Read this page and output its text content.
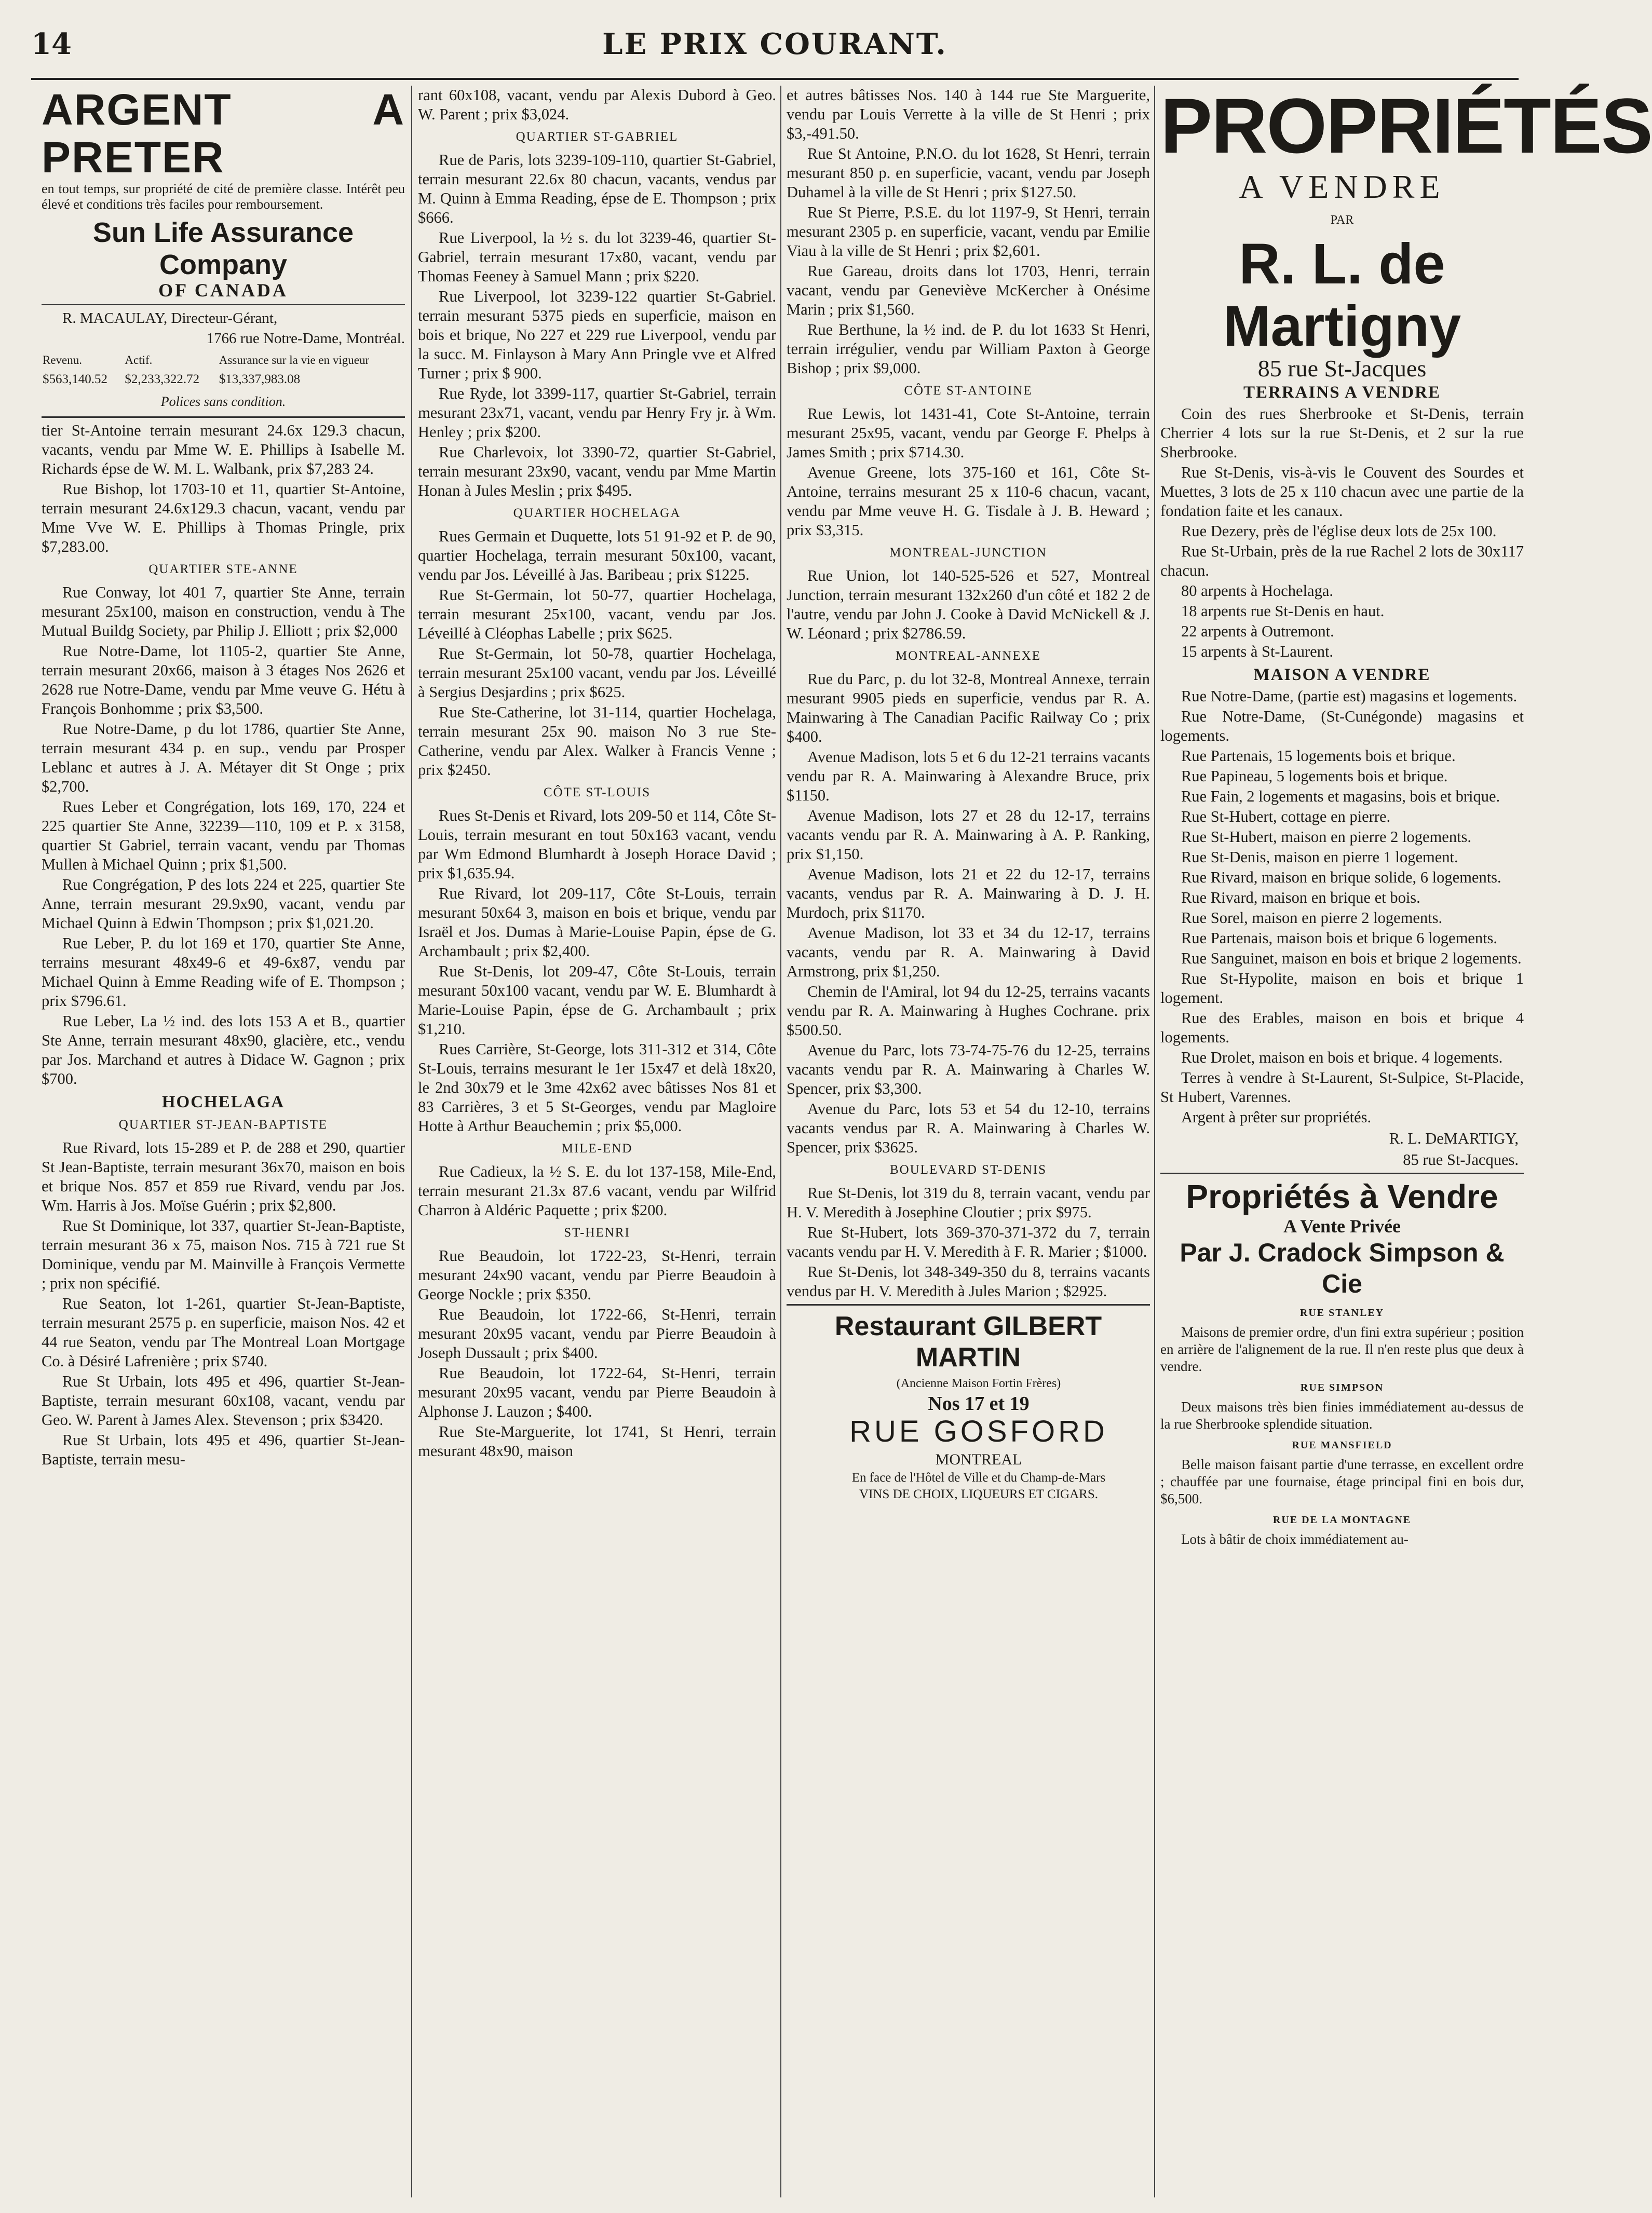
LE PRIX COURANT.
14
ARGENT A PRETER

en tout temps, sur propriété de cité de première classe. Intérêt peu élevé et conditions très faciles pour remboursement.

Sun Life Assurance Company
OF CANADA

R. MACAULAY, Directeur-Gérant,

1766 rue Notre-Dame, Montréal.

Revenu.	Actif.	Assurance sur la vie en vigueur
$563,140.52	$2,233,322.72	$13,337,983.08
Polices sans condition.

tier St-Antoine terrain mesurant 24.6x 129.3 chacun, vacants, vendu par Mme W. E. Phillips à Isabelle M. Richards épse de W. M. L. Walbank, prix $7,283 24.

Rue Bishop, lot 1703-10 et 11, quartier St-Antoine, terrain mesurant 24.6x129.3 chacun, vacant, vendu par Mme Vve W. E. Phillips à Thomas Pringle, prix $7,283.00.

QUARTIER STE-ANNE

Rue Conway, lot 401 7, quartier Ste Anne, terrain mesurant 25x100, maison en construction, vendu à The Mutual Buildg Society, par Philip J. Elliott ; prix $2,000

Rue Notre-Dame, lot 1105-2, quartier Ste Anne, terrain mesurant 20x66, maison à 3 étages Nos 2626 et 2628 rue Notre-Dame, vendu par Mme veuve G. Hétu à François Bonhomme ; prix $3,500.

Rue Notre-Dame, p du lot 1786, quartier Ste Anne, terrain mesurant 434 p. en sup., vendu par Prosper Leblanc et autres à J. A. Métayer dit St Onge ; prix $2,700.

Rues Leber et Congrégation, lots 169, 170, 224 et 225 quartier Ste Anne, 32239—110, 109 et P. x 3158, quartier St Gabriel, terrain vacant, vendu par Thomas Mullen à Michael Quinn ; prix $1,500.

Rue Congrégation, P des lots 224 et 225, quartier Ste Anne, terrain mesurant 29.9x90, vacant, vendu par Michael Quinn à Edwin Thompson ; prix $1,021.20.

Rue Leber, P. du lot 169 et 170, quartier Ste Anne, terrains mesurant 48x49-6 et 49-6x87, vendu par Michael Quinn à Emme Reading wife of E. Thompson ; prix $796.61.

Rue Leber, La ½ ind. des lots 153 A et B., quartier Ste Anne, terrain mesurant 48x90, glacière, etc., vendu par Jos. Marchand et autres à Didace W. Gagnon ; prix $700.

HOCHELAGA
QUARTIER ST-JEAN-BAPTISTE

Rue Rivard, lots 15-289 et P. de 288 et 290, quartier St Jean-Baptiste, terrain mesurant 36x70, maison en bois et brique Nos. 857 et 859 rue Rivard, vendu par Jos. Wm. Harris à Jos. Moïse Guérin ; prix $2,800.

Rue St Dominique, lot 337, quartier St-Jean-Baptiste, terrain mesurant 36 x 75, maison Nos. 715 à 721 rue St Dominique, vendu par M. Mainville à François Vermette ; prix non spécifié.

Rue Seaton, lot 1-261, quartier St-Jean-Baptiste, terrain mesurant 2575 p. en superficie, maison Nos. 42 et 44 rue Seaton, vendu par The Montreal Loan Mortgage Co. à Désiré Lafrenière ; prix $740.

Rue St Urbain, lots 495 et 496, quartier St-Jean-Baptiste, terrain mesurant 60x108, vacant, vendu par Geo. W. Parent à James Alex. Stevenson ; prix $3420.

Rue St Urbain, lots 495 et 496, quartier St-Jean-Baptiste, terrain mesu-

rant 60x108, vacant, vendu par Alexis Dubord à Geo. W. Parent ; prix $3,024.

QUARTIER ST-GABRIEL

Rue de Paris, lots 3239-109-110, quartier St-Gabriel, terrain mesurant 22.6x 80 chacun, vacants, vendus par M. Quinn à Emma Reading, épse de E. Thompson ; prix $666.

Rue Liverpool, la ½ s. du lot 3239-46, quartier St-Gabriel, terrain mesurant 17x80, vacant, vendu par Thomas Feeney à Samuel Mann ; prix $220.

Rue Liverpool, lot 3239-122 quartier St-Gabriel. terrain mesurant 5375 pieds en superficie, maison en bois et brique, No 227 et 229 rue Liverpool, vendu par la succ. M. Finlayson à Mary Ann Pringle vve et Alfred Turner ; prix $ 900.

Rue Ryde, lot 3399-117, quartier St-Gabriel, terrain mesurant 23x71, vacant, vendu par Henry Fry jr. à Wm. Henley ; prix $200.

Rue Charlevoix, lot 3390-72, quartier St-Gabriel, terrain mesurant 23x90, vacant, vendu par Mme Martin Honan à Jules Meslin ; prix $495.

QUARTIER HOCHELAGA

Rues Germain et Duquette, lots 51 91-92 et P. de 90, quartier Hochelaga, terrain mesurant 50x100, vacant, vendu par Jos. Léveillé à Jas. Baribeau ; prix $1225.

Rue St-Germain, lot 50-77, quartier Hochelaga, terrain mesurant 25x100, vacant, vendu par Jos. Léveillé à Cléophas Labelle ; prix $625.

Rue St-Germain, lot 50-78, quartier Hochelaga, terrain mesurant 25x100 vacant, vendu par Jos. Léveillé à Sergius Desjardins ; prix $625.

Rue Ste-Catherine, lot 31-114, quartier Hochelaga, terrain mesurant 25x 90. maison No 3 rue Ste-Catherine, vendu par Alex. Walker à Francis Venne ; prix $2450.

CÔTE ST-LOUIS

Rues St-Denis et Rivard, lots 209-50 et 114, Côte St-Louis, terrain mesurant en tout 50x163 vacant, vendu par Wm Edmond Blumhardt à Joseph Horace David ; prix $1,635.94.

Rue Rivard, lot 209-117, Côte St-Louis, terrain mesurant 50x64 3, maison en bois et brique, vendu par Israël et Jos. Dumas à Marie-Louise Papin, épse de G. Archambault ; prix $2,400.

Rue St-Denis, lot 209-47, Côte St-Louis, terrain mesurant 50x100 vacant, vendu par W. E. Blumhardt à Marie-Louise Papin, épse de G. Archambault ; prix $1,210.

Rues Carrière, St-George, lots 311-312 et 314, Côte St-Louis, terrains mesurant le 1er 15x47 et delà 18x20, le 2nd 30x79 et le 3me 42x62 avec bâtisses Nos 81 et 83 Carrières, 3 et 5 St-Georges, vendu par Magloire Hotte à Arthur Beauchemin ; prix $5,000.

MILE-END

Rue Cadieux, la ½ S. E. du lot 137-158, Mile-End, terrain mesurant 21.3x 87.6 vacant, vendu par Wilfrid Charron à Aldéric Paquette ; prix $200.

ST-HENRI

Rue Beaudoin, lot 1722-23, St-Henri, terrain mesurant 24x90 vacant, vendu par Pierre Beaudoin à George Nockle ; prix $350.

Rue Beaudoin, lot 1722-66, St-Henri, terrain mesurant 20x95 vacant, vendu par Pierre Beaudoin à Joseph Dussault ; prix $400.

Rue Beaudoin, lot 1722-64, St-Henri, terrain mesurant 20x95 vacant, vendu par Pierre Beaudoin à Alphonse J. Lauzon ; $400.

Rue Ste-Marguerite, lot 1741, St Henri, terrain mesurant 48x90, maison

et autres bâtisses Nos. 140 à 144 rue Ste Marguerite, vendu par Louis Verrette à la ville de St Henri ; prix $3,-491.50.

Rue St Antoine, P.N.O. du lot 1628, St Henri, terrain mesurant 850 p. en superficie, vacant, vendu par Joseph Duhamel à la ville de St Henri ; prix $127.50.

Rue St Pierre, P.S.E. du lot 1197-9, St Henri, terrain mesurant 2305 p. en superficie, vacant, vendu par Emilie Viau à la ville de St Henri ; prix $2,601.

Rue Gareau, droits dans lot 1703, Henri, terrain vacant, vendu par Geneviève McKercher à Onésime Marin ; prix $1,560.

Rue Berthune, la ½ ind. de P. du lot 1633 St Henri, terrain irrégulier, vendu par William Paxton à George Bishop ; prix $9,000.

CÔTE ST-ANTOINE

Rue Lewis, lot 1431-41, Cote St-Antoine, terrain mesurant 25x95, vacant, vendu par George F. Phelps à James Smith ; prix $714.30.

Avenue Greene, lots 375-160 et 161, Côte St-Antoine, terrains mesurant 25 x 110-6 chacun, vacant, vendu par Mme veuve H. G. Tisdale à J. B. Heward ; prix $3,315.

MONTREAL-JUNCTION

Rue Union, lot 140-525-526 et 527, Montreal Junction, terrain mesurant 132x260 d'un côté et 182 2 de l'autre, vendu par John J. Cooke à David McNickell & J. W. Léonard ; prix $2786.59.

MONTREAL-ANNEXE

Rue du Parc, p. du lot 32-8, Montreal Annexe, terrain mesurant 9905 pieds en superficie, vendus par R. A. Mainwaring à The Canadian Pacific Railway Co ; prix $400.

Avenue Madison, lots 5 et 6 du 12-21 terrains vacants vendu par R. A. Mainwaring à Alexandre Bruce, prix $1150.

Avenue Madison, lots 27 et 28 du 12-17, terrains vacants vendu par R. A. Mainwaring à A. P. Ranking, prix $1,150.

Avenue Madison, lots 21 et 22 du 12-17, terrains vacants, vendus par R. A. Mainwaring à D. J. H. Murdoch, prix $1170.

Avenue Madison, lot 33 et 34 du 12-17, terrains vacants, vendu par R. A. Mainwaring à David Armstrong, prix $1,250.

Chemin de l'Amiral, lot 94 du 12-25, terrains vacants vendu par R. A. Mainwaring à Hughes Cochrane. prix $500.50.

Avenue du Parc, lots 73-74-75-76 du 12-25, terrains vacants vendu par R. A. Mainwaring à Charles W. Spencer, prix $3,300.

Avenue du Parc, lots 53 et 54 du 12-10, terrains vacants vendus par R. A. Mainwaring à Charles W. Spencer, prix $3625.

BOULEVARD ST-DENIS

Rue St-Denis, lot 319 du 8, terrain vacant, vendu par H. V. Meredith à Josephine Cloutier ; prix $975.

Rue St-Hubert, lots 369-370-371-372 du 7, terrain vacants vendu par H. V. Meredith à F. R. Marier ; $1000.

Rue St-Denis, lot 348-349-350 du 8, terrains vacants vendus par H. V. Meredith à Jules Marion ; $2925.

Restaurant GILBERT MARTIN

(Ancienne Maison Fortin Frères)

Nos 17 et 19

RUE GOSFORD

MONTREAL

En face de l'Hôtel de Ville et du Champ-de-Mars

VINS DE CHOIX, LIQUEURS ET CIGARS.

PROPRIÉTÉS
A VENDRE
PAR
R. L. de Martigny
85 rue St-Jacques
TERRAINS A VENDRE

Coin des rues Sherbrooke et St-Denis, terrain Cherrier 4 lots sur la rue St-Denis, et 2 sur la rue Sherbrooke.

Rue St-Denis, vis-à-vis le Couvent des Sourdes et Muettes, 3 lots de 25 x 110 chacun avec une partie de la fondation faite et les canaux.

Rue Dezery, près de l'église deux lots de 25x 100.

Rue St-Urbain, près de la rue Rachel 2 lots de 30x117 chacun.

80 arpents à Hochelaga.

18 arpents rue St-Denis en haut.

22 arpents à Outremont.

15 arpents à St-Laurent.

MAISON A VENDRE

Rue Notre-Dame, (partie est) magasins et logements.

Rue Notre-Dame, (St-Cunégonde) magasins et logements.

Rue Partenais, 15 logements bois et brique.

Rue Papineau, 5 logements bois et brique.

Rue Fain, 2 logements et magasins, bois et brique.

Rue St-Hubert, cottage en pierre.

Rue St-Hubert, maison en pierre 2 logements.

Rue St-Denis, maison en pierre 1 logement.

Rue Rivard, maison en brique solide, 6 logements.

Rue Rivard, maison en brique et bois.

Rue Sorel, maison en pierre 2 logements.

Rue Partenais, maison bois et brique 6 logements.

Rue Sanguinet, maison en bois et brique 2 logements.

Rue St-Hypolite, maison en bois et brique 1 logement.

Rue des Erables, maison en bois et brique 4 logements.

Rue Drolet, maison en bois et brique. 4 logements.

Terres à vendre à St-Laurent, St-Sulpice, St-Placide, St Hubert, Varennes.

Argent à prêter sur propriétés.

R. L. DeMARTIGY,
85 rue St-Jacques.
Propriétés à Vendre
A Vente Privée
Par J. Cradock Simpson & Cie
RUE STANLEY

Maisons de premier ordre, d'un fini extra supérieur ; position en arrière de l'alignement de la rue. Il n'en reste plus que deux à vendre.

RUE SIMPSON

Deux maisons très bien finies immédiatement au-dessus de la rue Sherbrooke splendide situation.

RUE MANSFIELD

Belle maison faisant partie d'une terrasse, en excellent ordre ; chauffée par une fournaise, étage principal fini en bois dur, $6,500.

RUE DE LA MONTAGNE

Lots à bâtir de choix immédiatement au-
